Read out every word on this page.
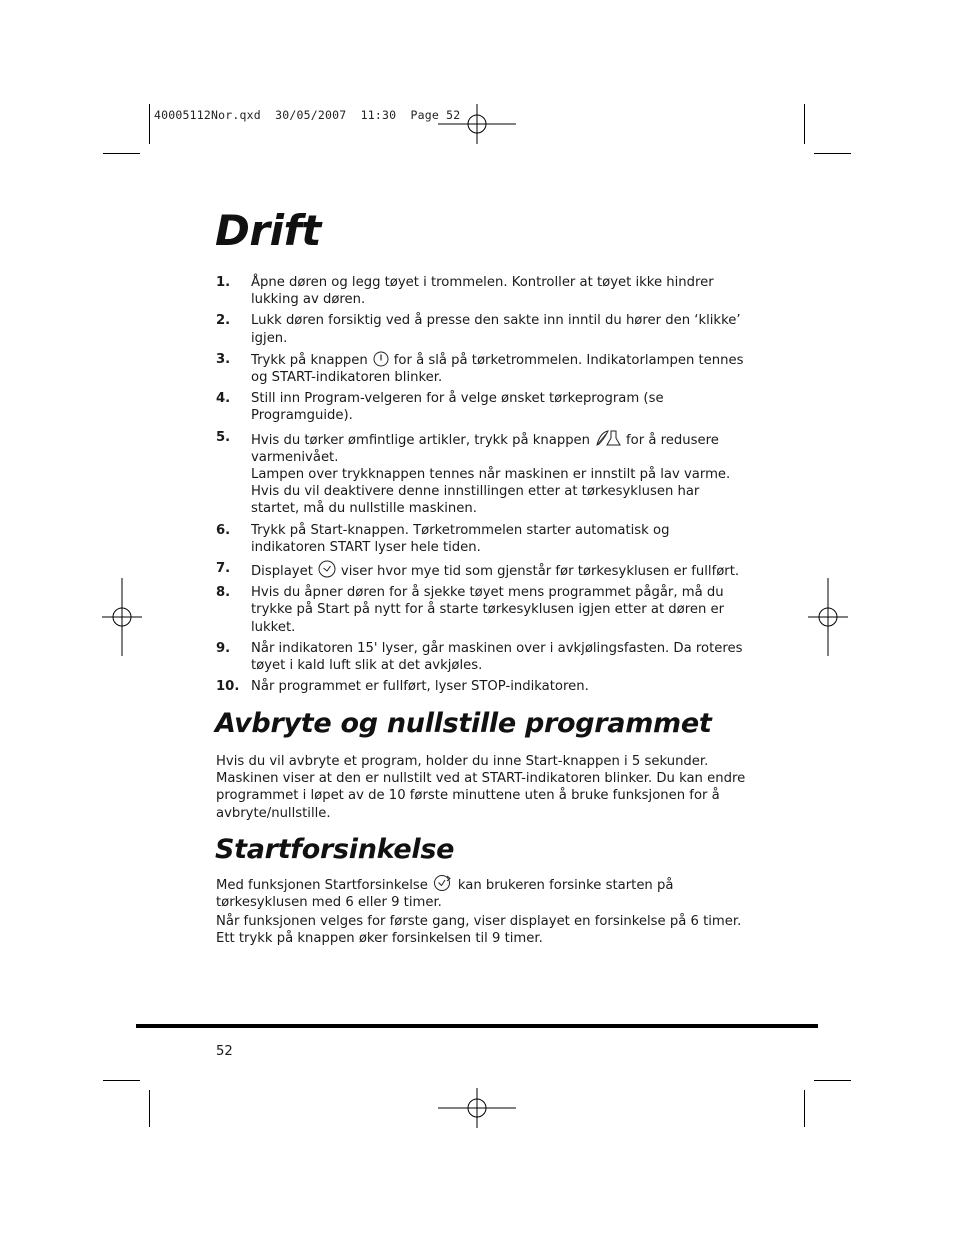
40005112Nor.qxd  30/05/2007  11:30  Page 52
Drift
1.	Åpne døren og legg tøyet i trommelen. Kontroller at tøyet ikke hindrer lukking av døren.
2.	Lukk døren forsiktig ved å presse den sakte inn inntil du hører den ‘klikke’ igjen.
3.	Trykk på knappen for å slå på tørketrommelen. Indikatorlampen tennes og START-indikatoren blinker.
4.	Still inn Program-velgeren for å velge ønsket tørkeprogram (se Programguide).
5.	Hvis du tørker ømfintlige artikler, trykk på knappen	for å redusere varmenivået.
Lampen over trykknappen tennes når maskinen er innstilt på lav varme. Hvis du vil deaktivere denne innstillingen etter at tørkesyklusen har startet, må du nullstille maskinen.
6.	Trykk på Start-knappen. Tørketrommelen starter automatisk og indikatoren START lyser hele tiden.
7.	Displayet viser hvor mye tid som gjenstår før tørkesyklusen er fullført.
8.	Hvis du åpner døren for å sjekke tøyet mens programmet pågår, må du trykke på Start på nytt for å starte tørkesyklusen igjen etter at døren er lukket.
9.	Når indikatoren 15' lyser, går maskinen over i avkjølingsfasten. Da roteres tøyet i kald luft slik at det avkjøles.
10. Når programmet er fullført, lyser STOP-indikatoren.
Avbryte og nullstille programmet

Hvis du vil avbryte et program, holder du inne Start-knappen i 5 sekunder. Maskinen viser at den er nullstilt ved at START-indikatoren blinker. Du kan endre programmet i løpet av de 10 første minuttene uten å bruke funksjonen for å avbryte/nullstille.

Startforsinkelse

Med funksjonen Startforsinkelse kan brukeren forsinke starten på tørkesyklusen med 6 eller 9 timer.

Når funksjonen velges for første gang, viser displayet en forsinkelse på 6 timer. Ett trykk på knappen øker forsinkelsen til 9 timer.

52
